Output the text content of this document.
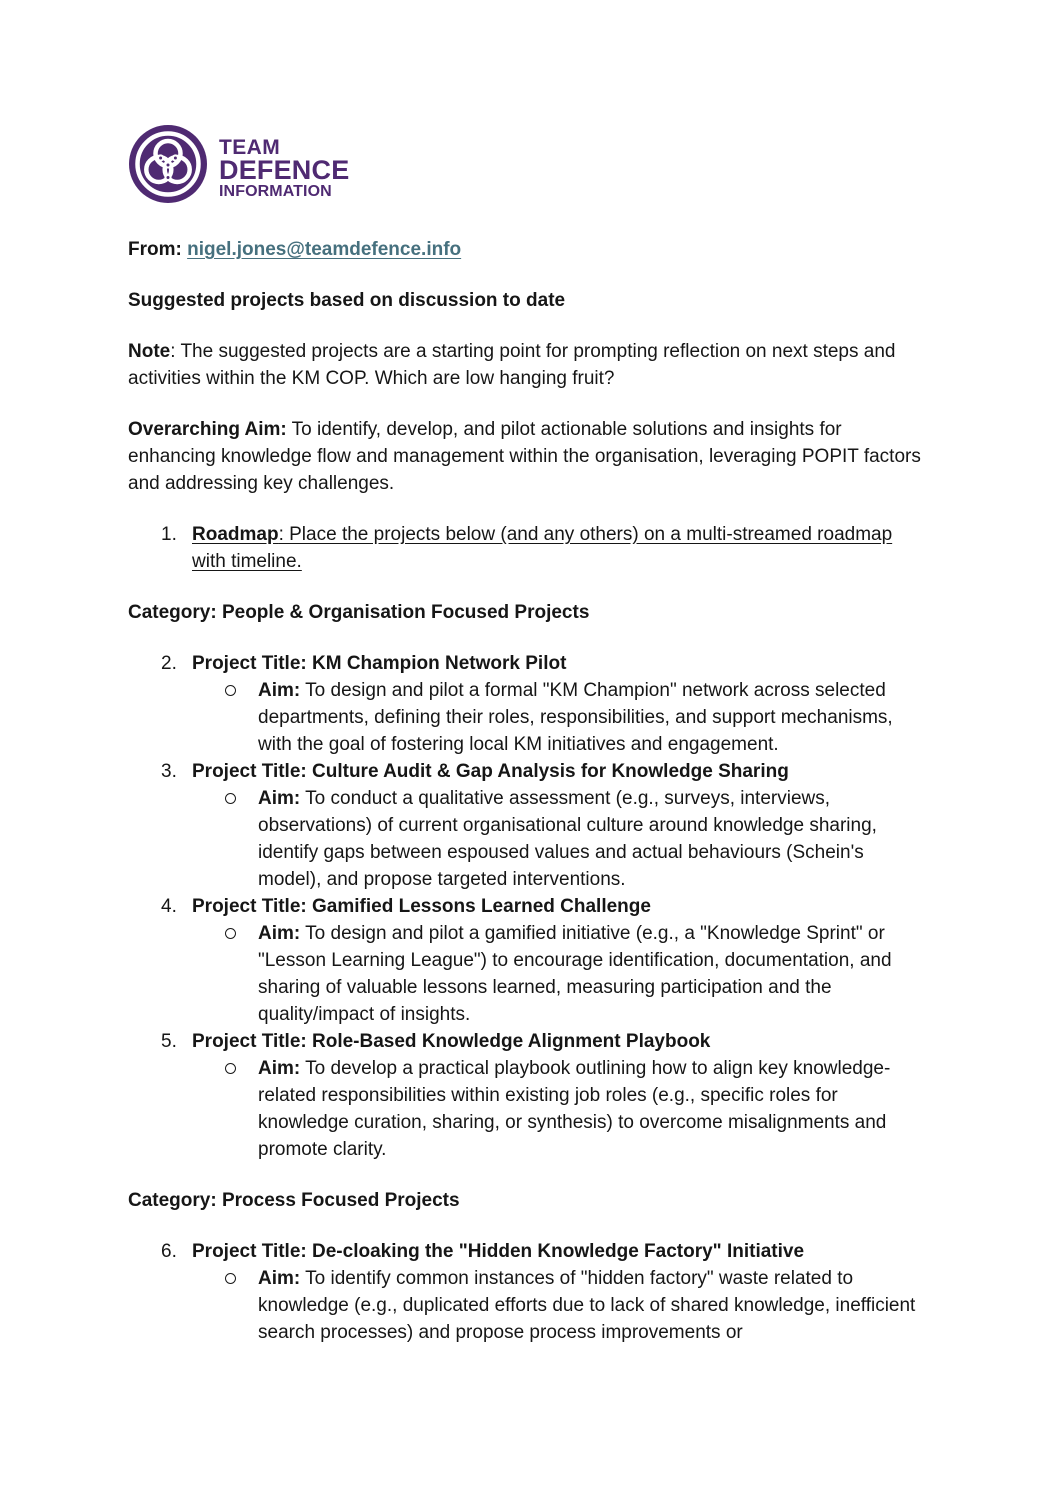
TEAM
DEFENCE
INFORMATION

From: nigel.jones@teamdefence.info

Suggested projects based on discussion to date

Note: The suggested projects are a starting point for prompting reflection on next steps and activities within the KM COP. Which are low hanging fruit?

Overarching Aim: To identify, develop, and pilot actionable solutions and insights for enhancing knowledge flow and management within the organisation, leveraging POPIT factors and addressing key challenges.

1. Roadmap: Place the projects below (and any others) on a multi-streamed roadmap with timeline.

Category: People & Organisation Focused Projects

2. Project Title: KM Champion Network Pilot
Aim: To design and pilot a formal "KM Champion" network across selected departments, defining their roles, responsibilities, and support mechanisms, with the goal of fostering local KM initiatives and engagement.
3. Project Title: Culture Audit & Gap Analysis for Knowledge Sharing
Aim: To conduct a qualitative assessment (e.g., surveys, interviews, observations) of current organisational culture around knowledge sharing, identify gaps between espoused values and actual behaviours (Schein's model), and propose targeted interventions.
4. Project Title: Gamified Lessons Learned Challenge
Aim: To design and pilot a gamified initiative (e.g., a "Knowledge Sprint" or "Lesson Learning League") to encourage identification, documentation, and sharing of valuable lessons learned, measuring participation and the quality/impact of insights.
5. Project Title: Role-Based Knowledge Alignment Playbook
Aim: To develop a practical playbook outlining how to align key knowledge-related responsibilities within existing job roles (e.g., specific roles for knowledge curation, sharing, or synthesis) to overcome misalignments and promote clarity.

Category: Process Focused Projects

6. Project Title: De-cloaking the "Hidden Knowledge Factory" Initiative
Aim: To identify common instances of "hidden factory" waste related to knowledge (e.g., duplicated efforts due to lack of shared knowledge, inefficient search processes) and propose process improvements or
